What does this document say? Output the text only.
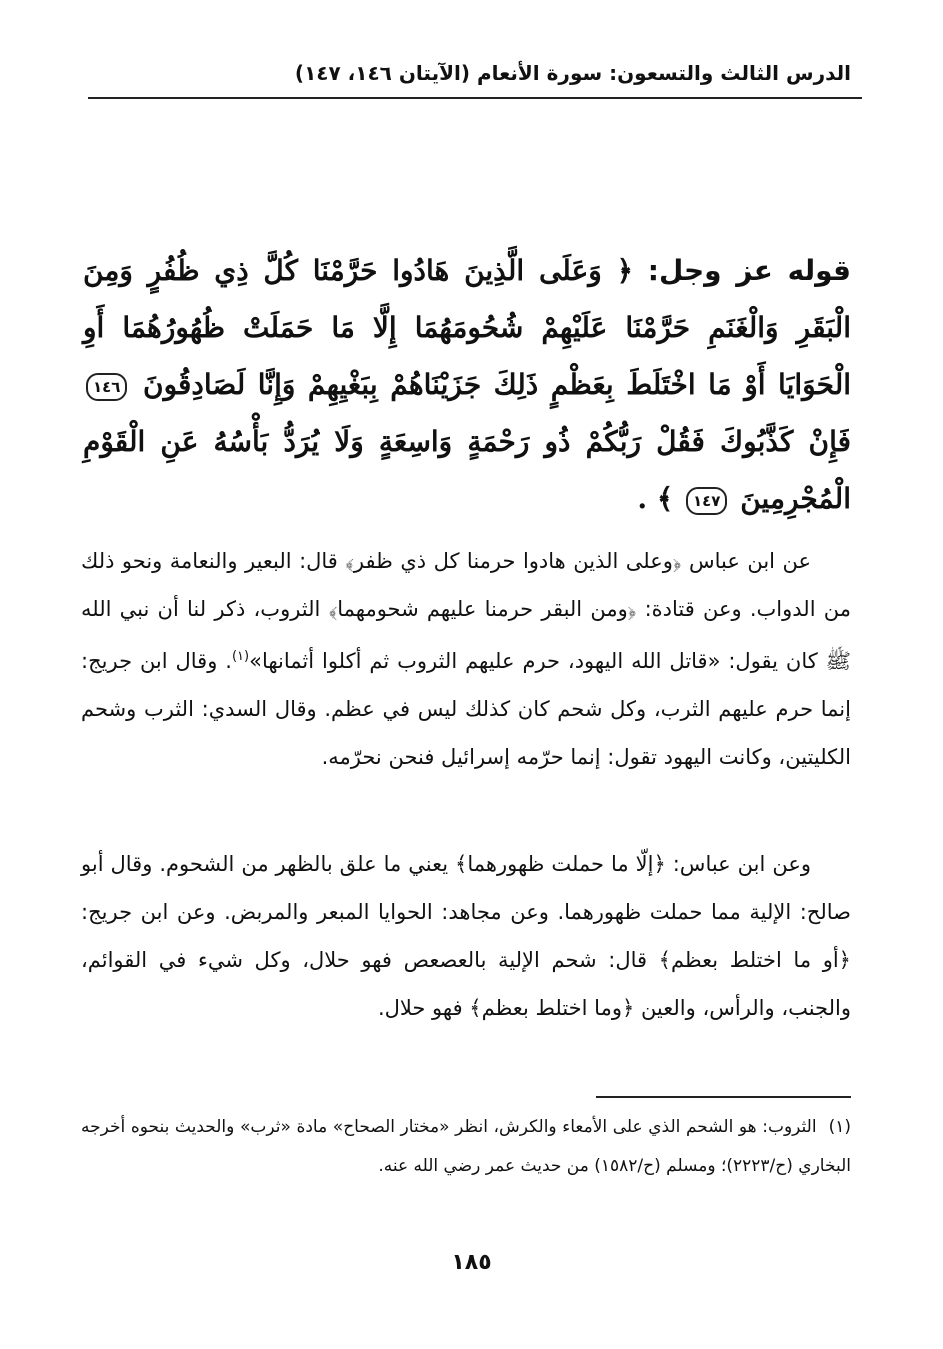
الدرس الثالث والتسعون: سورة الأنعام (الآيتان ١٤٦، ١٤٧)
قوله عز وجل: ﴿ وَعَلَى الَّذِينَ هَادُوا حَرَّمْنَا كُلَّ ذِي ظُفُرٍ وَمِنَ الْبَقَرِ وَالْغَنَمِ حَرَّمْنَا عَلَيْهِمْ شُحُومَهُمَا إِلَّا مَا حَمَلَتْ ظُهُورُهُمَا أَوِ الْحَوَايَا أَوْ مَا اخْتَلَطَ بِعَظْمٍ ذَلِكَ جَزَيْنَاهُمْ بِبَغْيِهِمْ وَإِنَّا لَصَادِقُونَ ١٤٦ فَإِنْ كَذَّبُوكَ فَقُلْ رَبُّكُمْ ذُو رَحْمَةٍ وَاسِعَةٍ وَلَا يُرَدُّ بَأْسُهُ عَنِ الْقَوْمِ الْمُجْرِمِينَ ١٤٧ ﴾ .
عن ابن عباس ﴿وعلى الذين هادوا حرمنا كل ذي ظفر﴾ قال: البعير والنعامة ونحو ذلك من الدواب. وعن قتادة: ﴿ومن البقر حرمنا عليهم شحومهما﴾ الثروب، ذكر لنا أن نبي الله ﷺ كان يقول: «قاتل الله اليهود، حرم عليهم الثروب ثم أكلوا أثمانها»$^{(١)}$. وقال ابن جريج: إنما حرم عليهم الثرب، وكل شحم كان كذلك ليس في عظم. وقال السدي: الثرب وشحم الكليتين، وكانت اليهود تقول: إنما حرّمه إسرائيل فنحن نحرّمه.
وعن ابن عباس: ﴿إلّا ما حملت ظهورهما﴾ يعني ما علق بالظهر من الشحوم. وقال أبو صالح: الإلية مما حملت ظهورهما. وعن مجاهد: الحوايا المبعر والمربض. وعن ابن جريج: ﴿أو ما اختلط بعظم﴾ قال: شحم الإلية بالعصعص فهو حلال، وكل شيء في القوائم، والجنب، والرأس، والعين ﴿وما اختلط بعظم﴾ فهو حلال.
(١)الثروب: هو الشحم الذي على الأمعاء والكرش، انظر «مختار الصحاح» مادة «ثرب» والحديث بنحوه أخرجه البخاري (ح/٢٢٢٣)؛ ومسلم (ح/١٥٨٢) من حديث عمر رضي الله عنه.
١٨٥
